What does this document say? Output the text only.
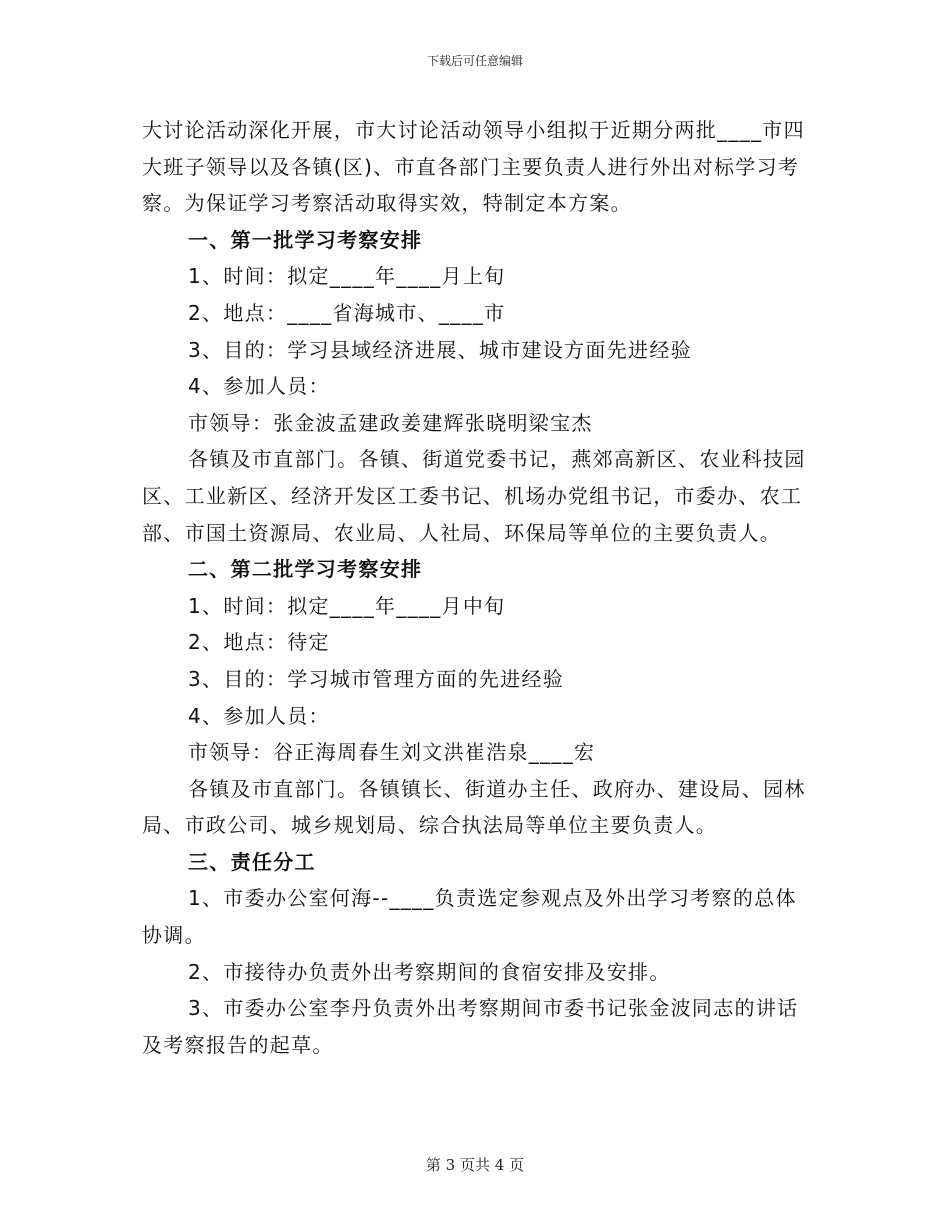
下载后可任意编辑

大讨论活动深化开展，市大讨论活动领导小组拟于近期分两批____市四大班子领导以及各镇(区)、市直各部门主要负责人进行外出对标学习考察。为保证学习考察活动取得实效，特制定本方案。

一、第一批学习考察安排

1、时间：拟定____年____月上旬

2、地点：____省海城市、____市

3、目的：学习县域经济进展、城市建设方面先进经验

4、参加人员：

市领导：张金波孟建政姜建辉张晓明梁宝杰

各镇及市直部门。各镇、街道党委书记，燕郊高新区、农业科技园区、工业新区、经济开发区工委书记、机场办党组书记，市委办、农工部、市国土资源局、农业局、人社局、环保局等单位的主要负责人。

二、第二批学习考察安排

1、时间：拟定____年____月中旬

2、地点：待定

3、目的：学习城市管理方面的先进经验

4、参加人员：

市领导：谷正海周春生刘文洪崔浩泉____宏

各镇及市直部门。各镇镇长、街道办主任、政府办、建设局、园林局、市政公司、城乡规划局、综合执法局等单位主要负责人。

三、责任分工

1、市委办公室何海--____负责选定参观点及外出学习考察的总体协调。

2、市接待办负责外出考察期间的食宿安排及安排。

3、市委办公室李丹负责外出考察期间市委书记张金波同志的讲话及考察报告的起草。

第 3 页共 4 页
